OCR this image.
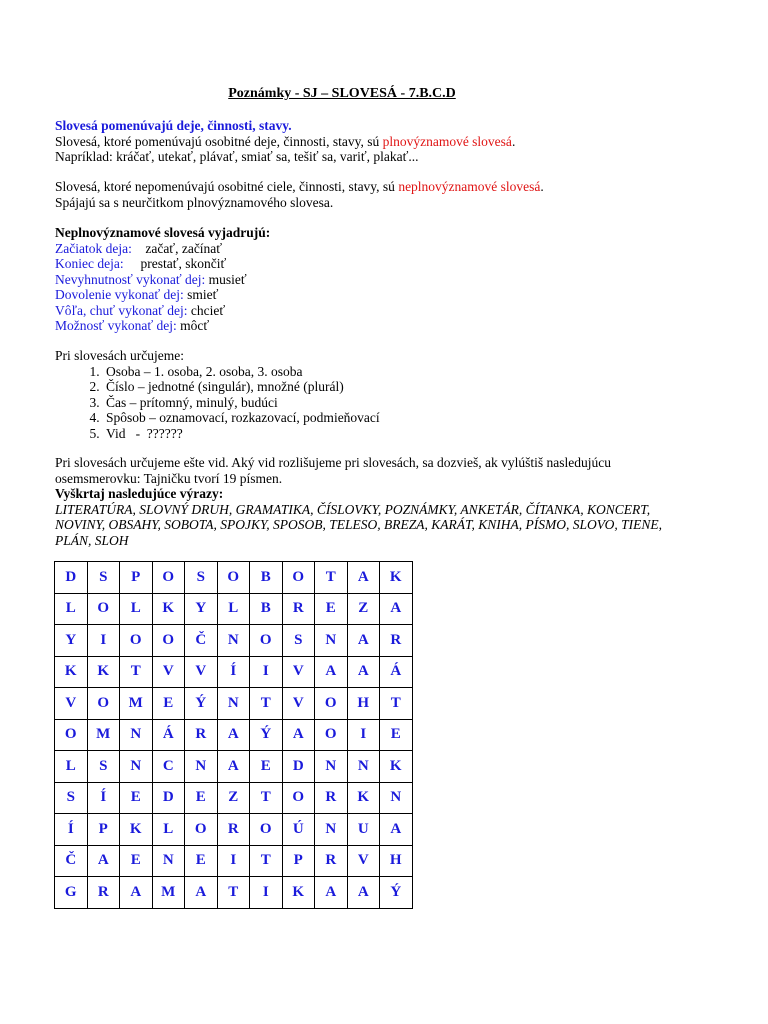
Poznámky - SJ – SLOVESÁ - 7.B.C.D
Slovesá pomenúvajú deje, činnosti, stavy.
Slovesá, ktoré pomenúvajú osobitné deje, činnosti, stavy, sú plnovýznamové slovesá.
Napríklad: kráčať, utekať, plávať, smiať sa, tešiť sa, variť, plakať...
Slovesá, ktoré nepomenúvajú osobitné ciele, činnosti, stavy, sú neplnovýznamové slovesá.
Spájajú sa s neurčitkom plnovýznamového slovesa.
Neplnovýznamové slovesá vyjadrujú:
Začiatok deja:    začať, začínať
Koniec deja:     prestať, skončiť
Nevyhnutnosť vykonať dej: musieť
Dovolenie vykonať dej: smieť
Vôľa, chuť vykonať dej: chcieť
Možnosť vykonať dej: môcť
Pri slovesách určujeme:
1. Osoba – 1. osoba, 2. osoba, 3. osoba
2. Číslo – jednotné (singulár), množné (plurál)
3. Čas – prítomný, minulý, budúci
4. Spôsob – oznamovací, rozkazovací, podmieňovací
5. Vid   -  ??????
Pri slovesách určujeme ešte vid. Aký vid rozlišujeme pri slovesách, sa dozvieš, ak vylúštiš nasledujúcu
osemsmerovku: Tajničku tvorí 19 písmen.
Vyškrtaj nasledujúce výrazy:
LITERATÚRA, SLOVNÝ DRUH, GRAMATIKA, ČÍSLOVKY, POZNÁMKY, ANKETÁR, ČÍTANKA, KONCERT,
NOVINY, OBSAHY, SOBOTA, SPOJKY, SPOSOB, TELESO, BREZA, KARÁT, KNIHA, PÍSMO, SLOVO, TIENE,
PLÁN, SLOH
D	S	P	O	S	O	B	O	T	A	K
L	O	L	K	Y	L	B	R	E	Z	A
Y	I	O	O	Č	N	O	S	N	A	R
K	K	T	V	V	Í	I	V	A	A	Á
V	O	M	E	Ý	N	T	V	O	H	T
O	M	N	Á	R	A	Ý	A	O	I	E
L	S	N	C	N	A	E	D	N	N	K
S	Í	E	D	E	Z	T	O	R	K	N
Í	P	K	L	O	R	O	Ú	N	U	A
Č	A	E	N	E	I	T	P	R	V	H
G	R	A	M	A	T	I	K	A	A	Ý
